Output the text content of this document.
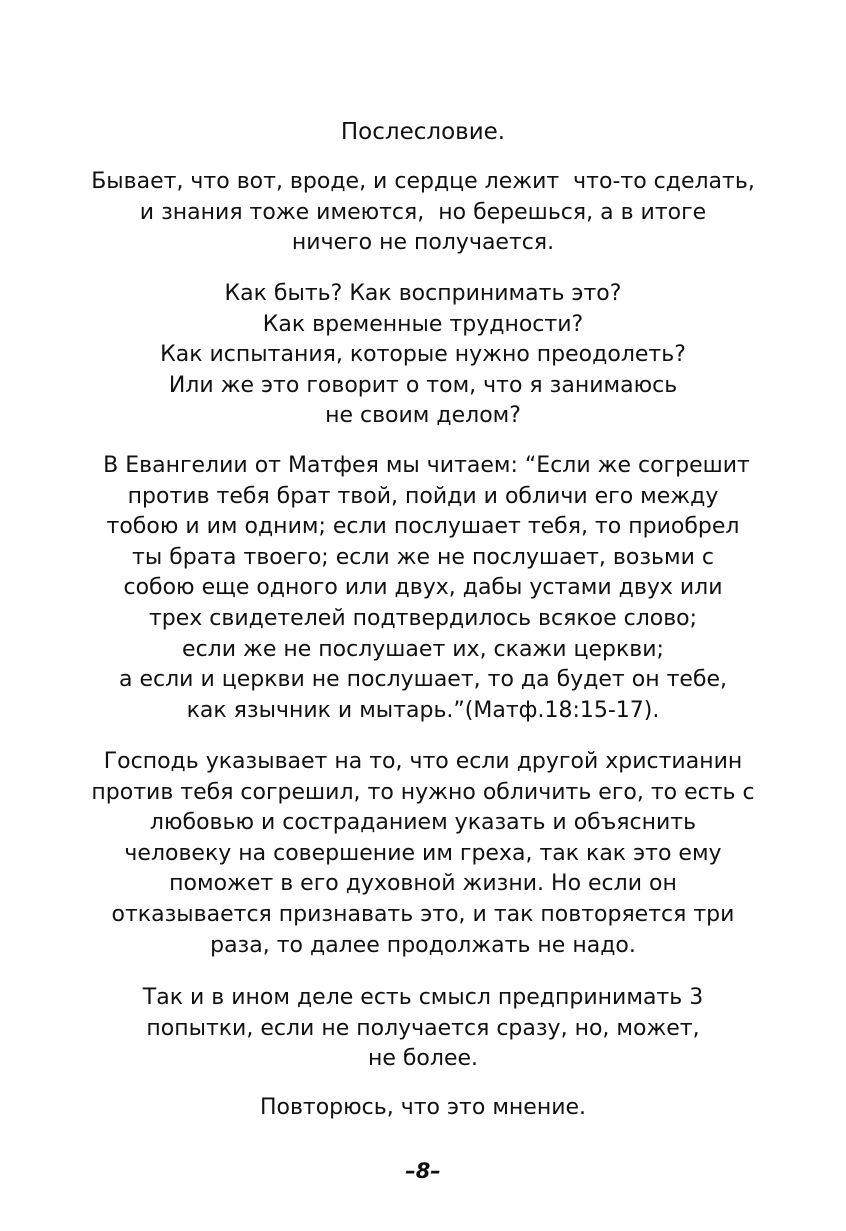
Послесловие.
Бывает, что вот, вроде, и сердце лежит  что-то сделать,
и знания тоже имеются,  но берешься, а в итоге
ничего не получается.
Как быть? Как воспринимать это?
Как временные трудности?
Как испытания, которые нужно преодолеть?
Или же это говорит о том, что я занимаюсь
не своим делом?
В Евангелии от Матфея мы читаем: “Если же согрешит
против тебя брат твой, пойди и обличи его между
тобою и им одним; если послушает тебя, то приобрел
ты брата твоего; если же не послушает, возьми с
собою еще одного или двух, дабы устами двух или
трех свидетелей подтвердилось всякое слово;
если же не послушает их, скажи церкви;
а если и церкви не послушает, то да будет он тебе,
как язычник и мытарь.”(Матф.18:15-17).
Господь указывает на то, что если другой христианин
против тебя согрешил, то нужно обличить его, то есть с
любовью и состраданием указать и объяснить
человеку на совершение им греха, так как это ему
поможет в его духовной жизни. Но если он
отказывается признавать это, и так повторяется три
раза, то далее продолжать не надо.
Так и в ином деле есть смысл предпринимать 3
попытки, если не получается сразу, но, может,
не более.
Повторюсь, что это мнение.
–8–
